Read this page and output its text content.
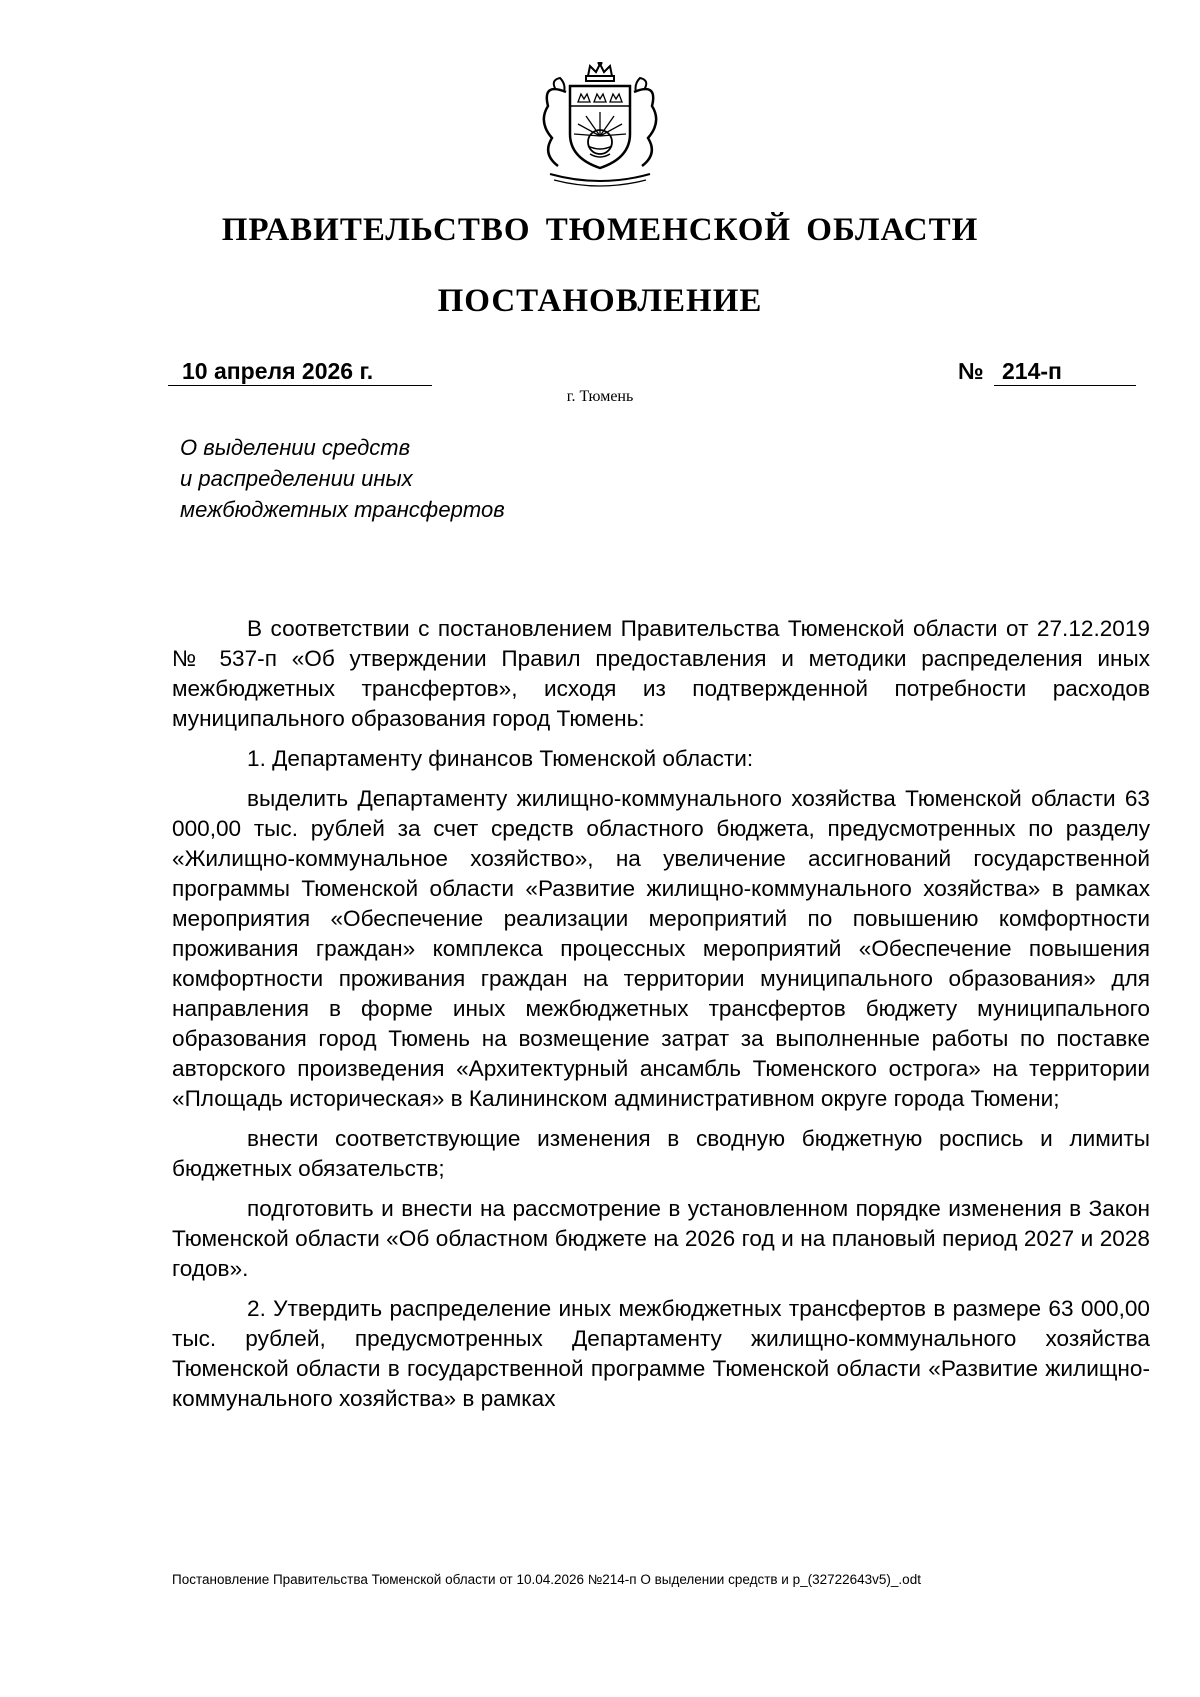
ПРАВИТЕЛЬСТВО ТЮМЕНСКОЙ ОБЛАСТИ
ПОСТАНОВЛЕНИЕ
10 апреля 2026 г.	№ 214-п
г. Тюмень
О выделении средств
и распределении иных
межбюджетных трансфертов

В соответствии с постановлением Правительства Тюменской области от 27.12.2019 № 537-п «Об утверждении Правил предоставления и методики распределения иных межбюджетных трансфертов», исходя из подтвержденной потребности расходов муниципального образования город Тюмень:

1. Департаменту финансов Тюменской области:

выделить Департаменту жилищно-коммунального хозяйства Тюменской области 63 000,00 тыс. рублей за счет средств областного бюджета, предусмотренных по разделу «Жилищно-коммунальное хозяйство», на увеличение ассигнований государственной программы Тюменской области «Развитие жилищно-коммунального хозяйства» в рамках мероприятия «Обеспечение реализации мероприятий по повышению комфортности проживания граждан» комплекса процессных мероприятий «Обеспечение повышения комфортности проживания граждан на территории муниципального образования» для направления в форме иных межбюджетных трансфертов бюджету муниципального образования город Тюмень на возмещение затрат за выполненные работы по поставке авторского произведения «Архитектурный ансамбль Тюменского острога» на территории «Площадь историческая» в Калининском административном округе города Тюмени;

внести соответствующие изменения в сводную бюджетную роспись и лимиты бюджетных обязательств;

подготовить и внести на рассмотрение в установленном порядке изменения в Закон Тюменской области «Об областном бюджете на 2026 год и на плановый период 2027 и 2028 годов».

2. Утвердить распределение иных межбюджетных трансфертов в размере 63 000,00 тыс. рублей, предусмотренных Департаменту жилищно-коммунального хозяйства Тюменской области в государственной программе Тюменской области «Развитие жилищно-коммунального хозяйства» в рамках

Постановление Правительства Тюменской области от 10.04.2026 №214-п О выделении средств и р_(32722643v5)_.odt
